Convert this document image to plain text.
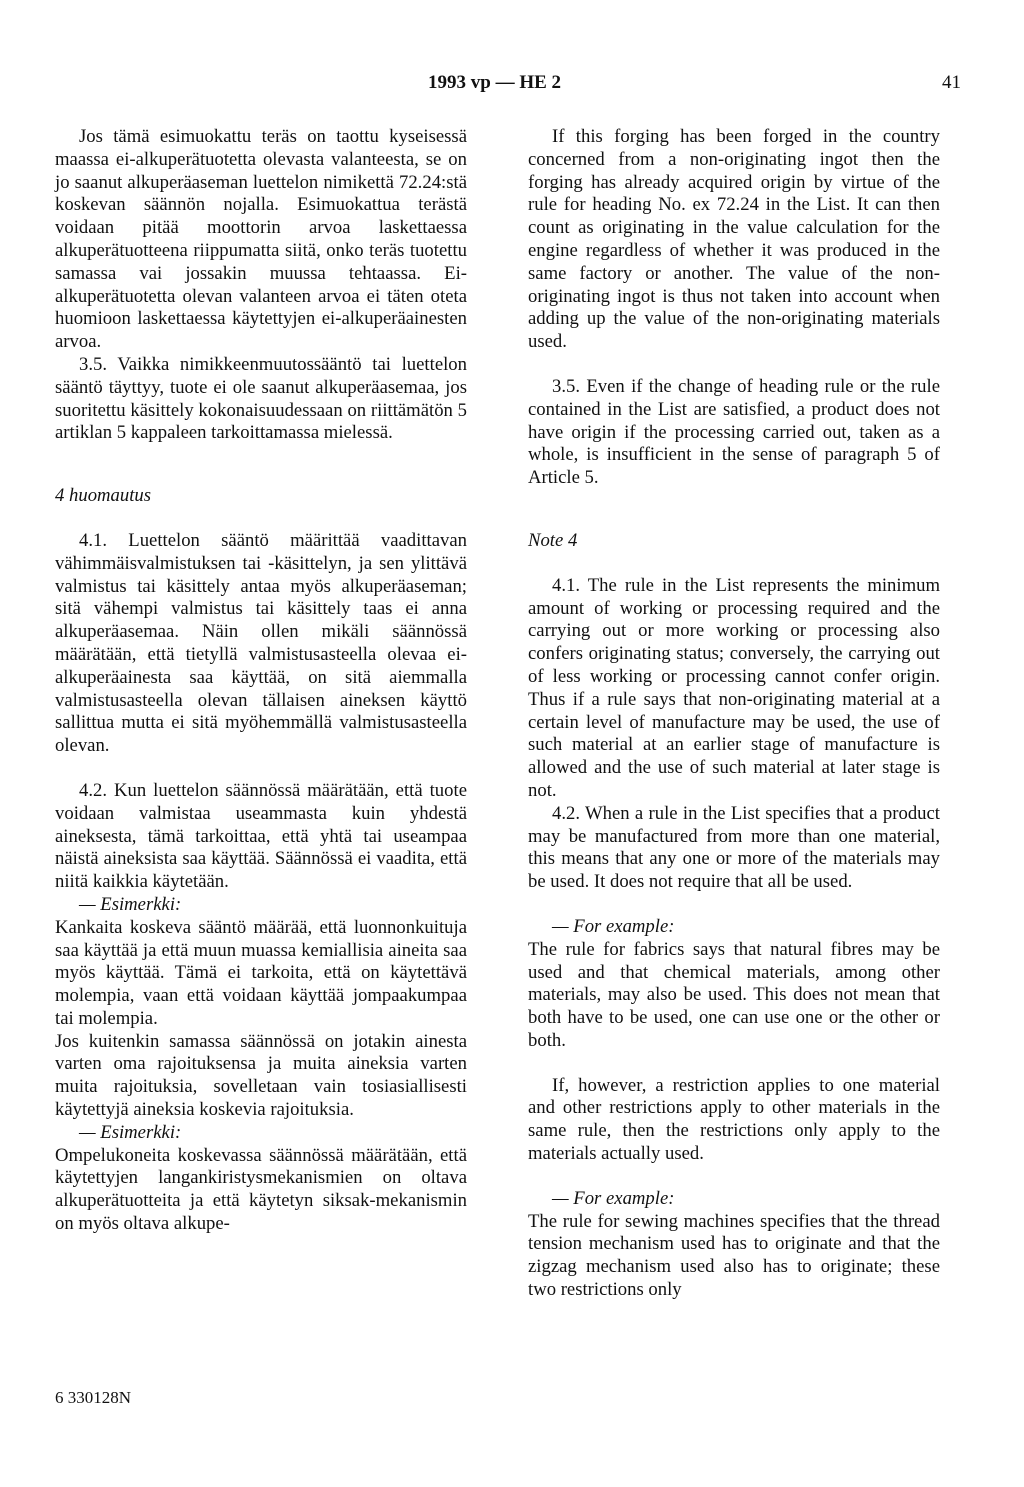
1993 vp — HE 2	41

Jos tämä esimuokattu teräs on taottu kyseisessä maassa ei-alkuperätuotetta olevasta valanteesta, se on jo saanut alkuperäaseman luettelon nimikettä 72.24:stä koskevan säännön nojalla. Esimuokattua terästä voidaan pitää moottorin arvoa laskettaessa alkuperätuotteena riippumatta siitä, onko teräs tuotettu samassa vai jossakin muussa tehtaassa. Ei-alkuperätuotetta olevan valanteen arvoa ei täten oteta huomioon laskettaessa käytettyjen ei-alkuperäainesten arvoa.

3.5. Vaikka nimikkeenmuutossääntö tai luettelon sääntö täyttyy, tuote ei ole saanut alkuperäasemaa, jos suoritettu käsittely kokonaisuudessaan on riittämätön 5 artiklan 5 kappaleen tarkoittamassa mielessä.

4 huomautus

4.1. Luettelon sääntö määrittää vaadittavan vähimmäisvalmistuksen tai -käsittelyn, ja sen ylittävä valmistus tai käsittely antaa myös alkuperäaseman; sitä vähempi valmistus tai käsittely taas ei anna alkuperäasemaa. Näin ollen mikäli säännössä määrätään, että tietyllä valmistusasteella olevaa ei-alkuperäainesta saa käyttää, on sitä aiemmalla valmistusasteella olevan tällaisen aineksen käyttö sallittua mutta ei sitä myöhemmällä valmistusasteella olevan.

4.2. Kun luettelon säännössä määrätään, että tuote voidaan valmistaa useammasta kuin yhdestä aineksesta, tämä tarkoittaa, että yhtä tai useampaa näistä aineksista saa käyttää. Säännössä ei vaadita, että niitä kaikkia käytetään.

— Esimerkki:

Kankaita koskeva sääntö määrää, että luonnonkuituja saa käyttää ja että muun muassa kemiallisia aineita saa myös käyttää. Tämä ei tarkoita, että on käytettävä molempia, vaan että voidaan käyttää jompaakumpaa tai molempia.

Jos kuitenkin samassa säännössä on jotakin ainesta varten oma rajoituksensa ja muita aineksia varten muita rajoituksia, sovelletaan vain tosiasiallisesti käytettyjä aineksia koskevia rajoituksia.

— Esimerkki:

Ompelukoneita koskevassa säännössä määrätään, että käytettyjen langankiristysmekanismien on oltava alkuperätuotteita ja että käytetyn siksak-mekanismin on myös oltava alkupe-

If this forging has been forged in the country concerned from a non-originating ingot then the forging has already acquired origin by virtue of the rule for heading No. ex 72.24 in the List. It can then count as originating in the value calculation for the engine regardless of whether it was produced in the same factory or another. The value of the non-originating ingot is thus not taken into account when adding up the value of the non-originating materials used.

3.5. Even if the change of heading rule or the rule contained in the List are satisfied, a product does not have origin if the processing carried out, taken as a whole, is insufficient in the sense of paragraph 5 of Article 5.

Note 4

4.1. The rule in the List represents the minimum amount of working or processing required and the carrying out or more working or processing also confers originating status; conversely, the carrying out of less working or processing cannot confer origin. Thus if a rule says that non-originating material at a certain level of manufacture may be used, the use of such material at an earlier stage of manufacture is allowed and the use of such material at later stage is not.

4.2. When a rule in the List specifies that a product may be manufactured from more than one material, this means that any one or more of the materials may be used. It does not require that all be used.

— For example:

The rule for fabrics says that natural fibres may be used and that chemical materials, among other materials, may also be used. This does not mean that both have to be used, one can use one or the other or both.

If, however, a restriction applies to one material and other restrictions apply to other materials in the same rule, then the restrictions only apply to the materials actually used.

— For example:

The rule for sewing machines specifies that the thread tension mechanism used has to originate and that the zigzag mechanism used also has to originate; these two restrictions only

6 330128N
